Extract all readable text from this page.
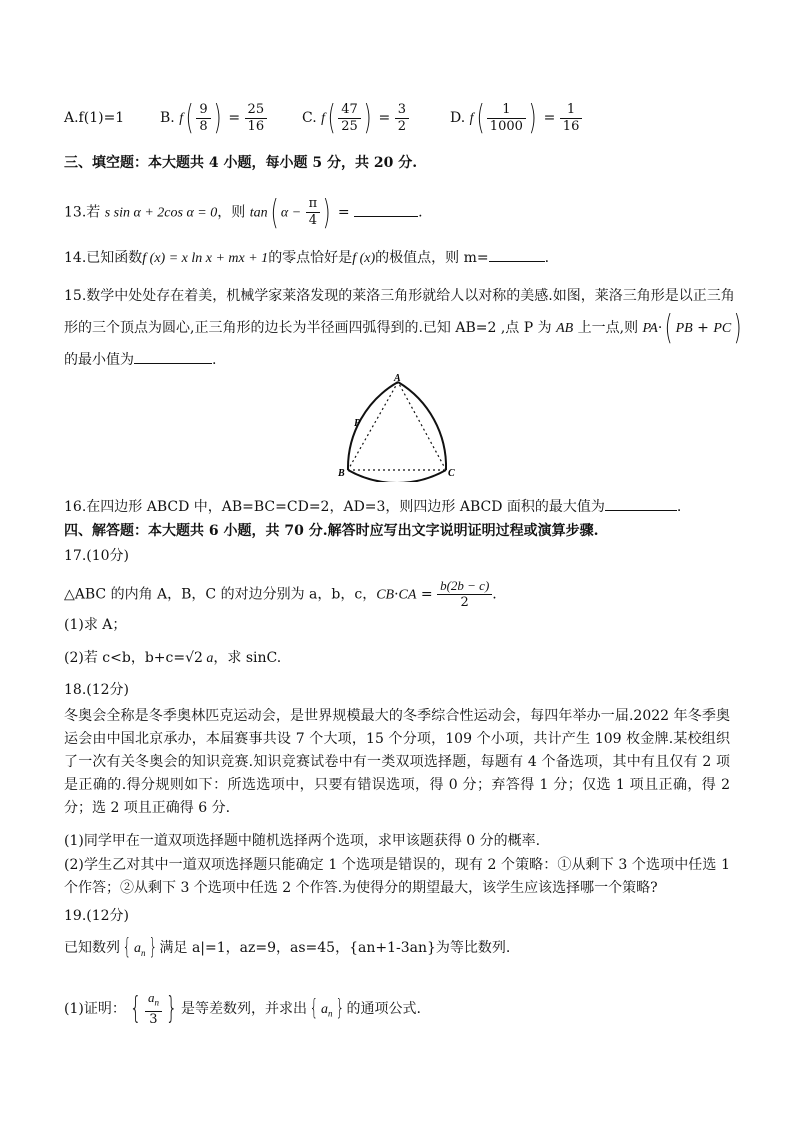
A.f(1)=1	B. $f( \frac{9}{8}$ ) = $\frac{25}{16} C$. $f( \frac{47}{25}$ ) = $\frac{3}{2}$	D. $f( \frac{1}{1000}$ ) = $\frac{1}{16}$
三、填空题：本大题共 4 小题，每小题 5 分，共 20 分.
13.若 s sin α + 2cos α = 0，则 tan( $\alpha - \frac{\pi}{4}$ ) =	.
14.已知函数f (x) = x ln x + mx + 1的零点恰好是f (x)的极值点，则 m=	.
15.数学中处处存在着美，机械学家莱洛发现的莱洛三角形就给人以对称的美感.如图，莱洛三角形是以正三角
形的三个顶点为圆心,正三角形的边长为半径画四弧得到的.已知 AB=2 ,点 P 为 AB 上一点,则 PA·( PB + PC)
的最小值为	.
A
B	C
P
16.在四边形 ABCD 中，AB=BC=CD=2，AD=3，则四边形 ABCD 面积的最大值为	.
四、解答题：本大题共 6 小题，共 70 分.解答时应写出文字说明证明过程或演算步骤.
17.(10分)
△ABC 的内角 A，B，C 的对边分别为 a，b，c，$CB\cdot CA = \frac{b(2b - c)}{2}$ .
(1)求 A；
(2)若 c<b，b+c=√2 a，求 sinC.
18.(12分)
冬奥会全称是冬季奥林匹克运动会，是世界规模最大的冬季综合性运动会，每四年举办一届.2022 年冬季奥运会由中国北京承办，本届赛事共设 7 个大项，15 个分项，109 个小项，共计产生 109 枚金牌.某校组织了一次有关冬奥会的知识竞赛.知识竞赛试卷中有一类双项选择题，每题有 4 个备选项，其中有且仅有 2 项是正确的.得分规则如下：所选选项中，只要有错误选项，得 0 分；弃答得 1 分；仅选 1 项且正确，得 2 分；选 2 项且正确得 6 分.
(1)同学甲在一道双项选择题中随机选择两个选项，求甲该题获得 0 分的概率.
(2)学生乙对其中一道双项选择题只能确定 1 个选项是错误的，现有 2 个策略：①从剩下 3 个选项中任选 1 个作答；②从剩下 3 个选项中任选 2 个作答.为使得分的期望最大，该学生应该选择哪一个策略?
19.(12分)
已知数列 { $a_n$ } 满足 a|=1，az=9，as=45，{an+1-3an}为等比数列.
(1)证明： { $\frac{a_n}{3}$ } 是等差数列，并求出 { $a_n$ } 的通项公式.
